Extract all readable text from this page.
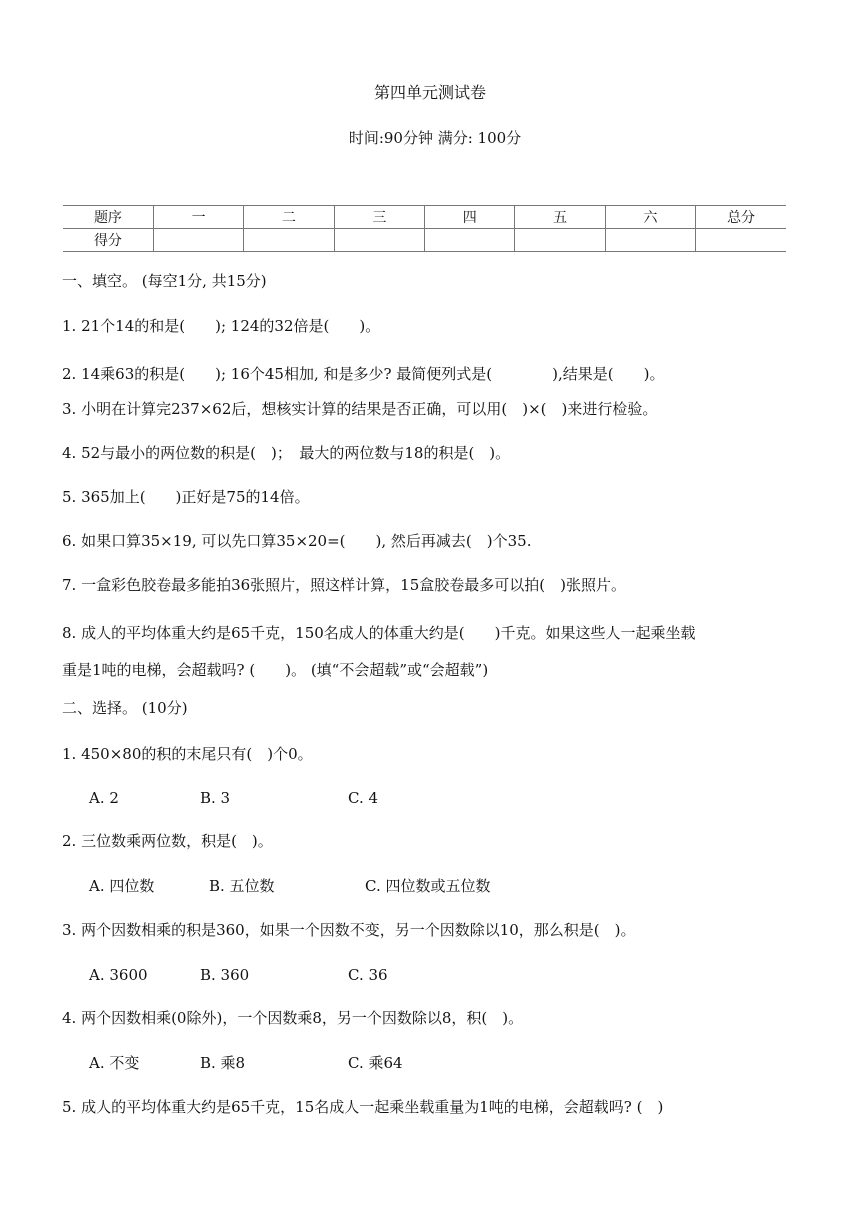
第四单元测试卷
时间:90分钟 满分: 100分
题序	一	二	三	四	五	六	总分
得分							
一、填空。 (每空1分, 共15分)
1. 21个14的和是(　　); 124的32倍是(　　)。
2. 14乘63的积是(　　); 16个45相加, 和是多少? 最简便列式是(　　　　),结果是(　　)。
3. 小明在计算完237×62后，想核实计算的结果是否正确，可以用(　)×(　)来进行检验。
4. 52与最小的两位数的积是(　)；　最大的两位数与18的积是(　)。
5. 365加上(　　)正好是75的14倍。
6. 如果口算35×19, 可以先口算35×20=(　　), 然后再减去(　)个35.
7. 一盒彩色胶卷最多能拍36张照片，照这样计算，15盒胶卷最多可以拍(　)张照片。
8. 成人的平均体重大约是65千克，150名成人的体重大约是(　　)千克。如果这些人一起乘坐载
重是1吨的电梯，会超载吗? (　　)。 (填“不会超载”或“会超载”)
二、选择。 (10分)
1. 450×80的积的末尾只有(　)个0。
A. 2	B. 3	C. 4
2. 三位数乘两位数，积是(　)。
A. 四位数	B. 五位数	C. 四位数或五位数
3. 两个因数相乘的积是360，如果一个因数不变，另一个因数除以10，那么积是(　)。
A. 3600	B. 360	C. 36
4. 两个因数相乘(0除外)，一个因数乘8，另一个因数除以8，积(　)。
A. 不变	B. 乘8	C. 乘64
5. 成人的平均体重大约是65千克，15名成人一起乘坐载重量为1吨的电梯，会超载吗? (　)
